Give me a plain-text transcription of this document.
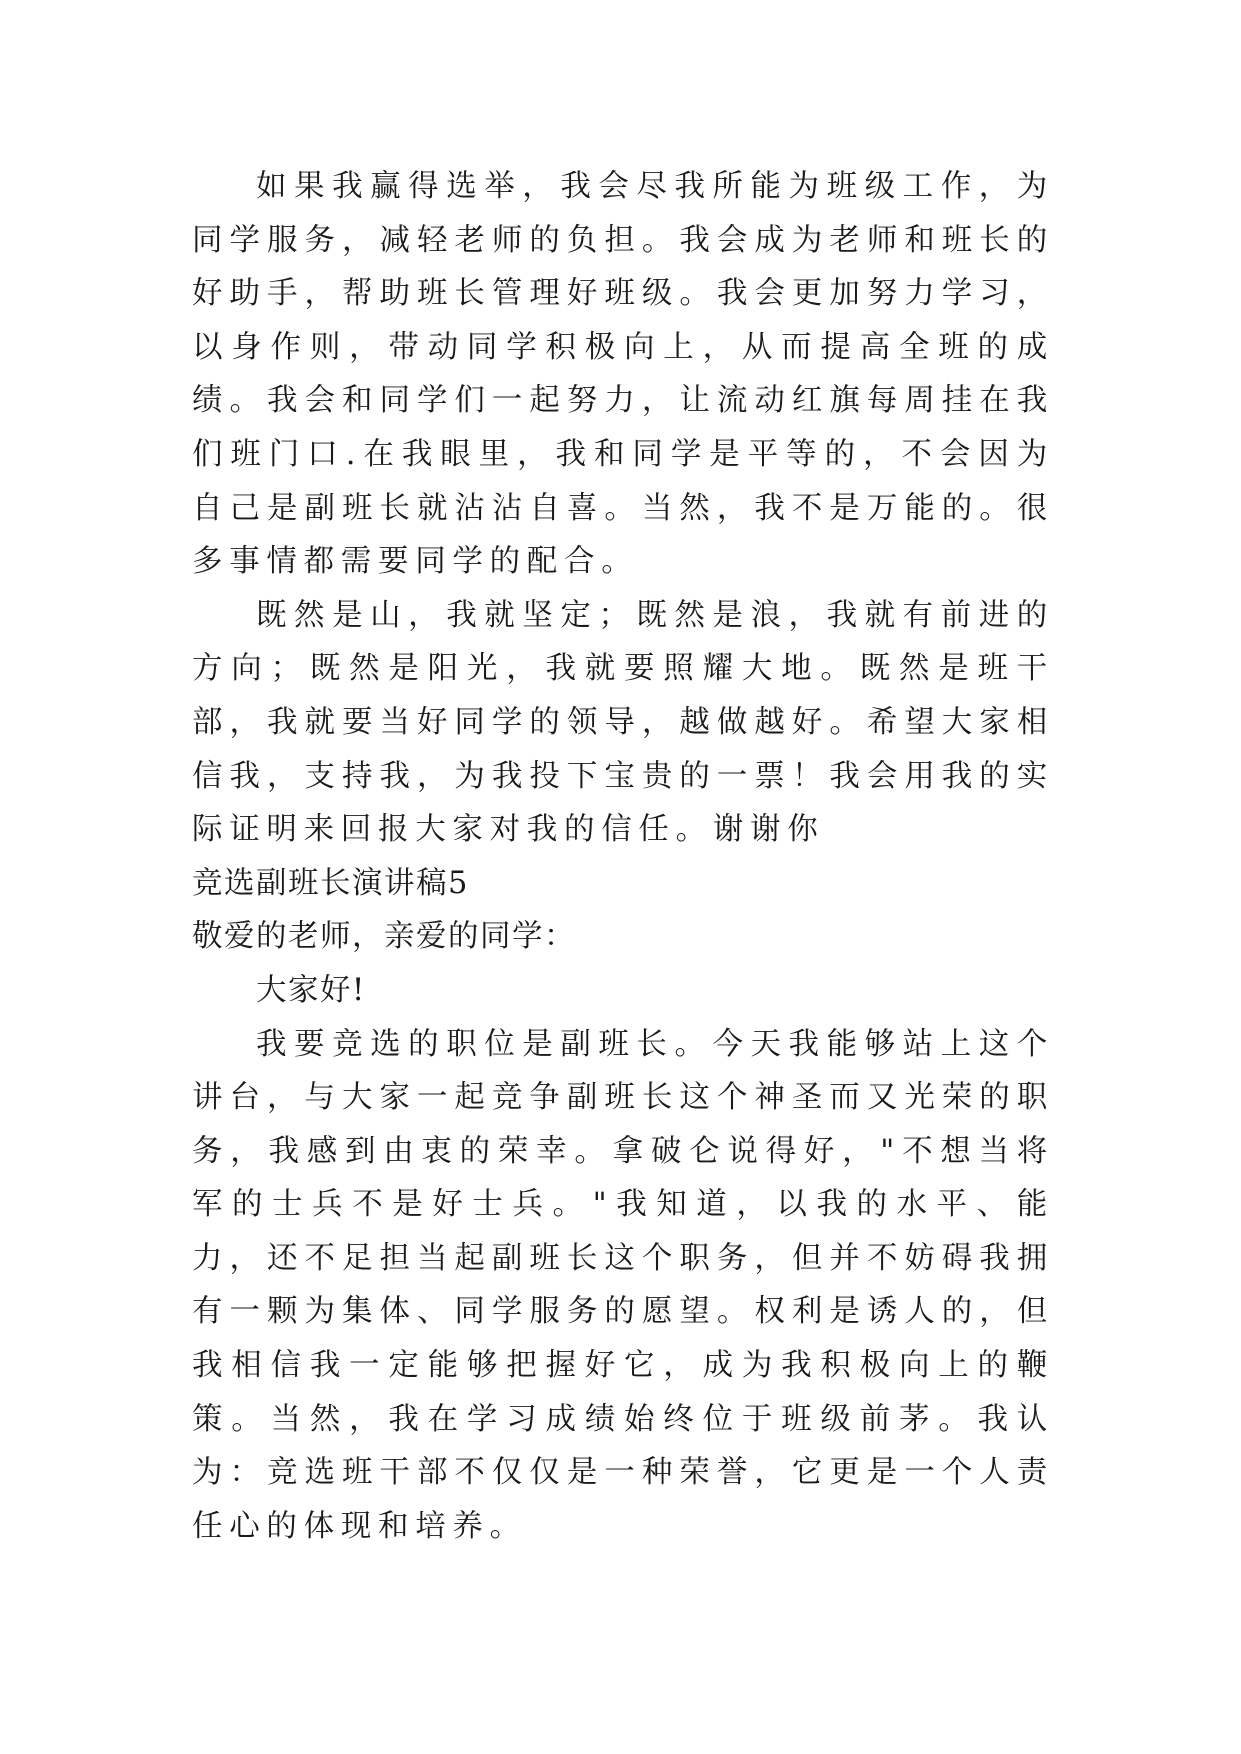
如果我赢得选举，我会尽我所能为班级工作，为同学服务，减轻老师的负担。我会成为老师和班长的好助手，帮助班长管理好班级。我会更加努力学习，以身作则，带动同学积极向上，从而提高全班的成绩。我会和同学们一起努力，让流动红旗每周挂在我们班门口.在我眼里，我和同学是平等的，不会因为自己是副班长就沾沾自喜。当然，我不是万能的。很多事情都需要同学的配合。

既然是山，我就坚定；既然是浪，我就有前进的方向；既然是阳光，我就要照耀大地。既然是班干部，我就要当好同学的领导，越做越好。希望大家相信我，支持我，为我投下宝贵的一票！我会用我的实际证明来回报大家对我的信任。谢谢你

竞选副班长演讲稿5

敬爱的老师，亲爱的同学：

大家好!

我要竞选的职位是副班长。今天我能够站上这个讲台，与大家一起竞争副班长这个神圣而又光荣的职务，我感到由衷的荣幸。拿破仑说得好，"不想当将军的士兵不是好士兵。"我知道，以我的水平、能力，还不足担当起副班长这个职务，但并不妨碍我拥有一颗为集体、同学服务的愿望。权利是诱人的，但我相信我一定能够把握好它，成为我积极向上的鞭策。当然，我在学习成绩始终位于班级前茅。我认为：竞选班干部不仅仅是一种荣誉，它更是一个人责任心的体现和培养。
